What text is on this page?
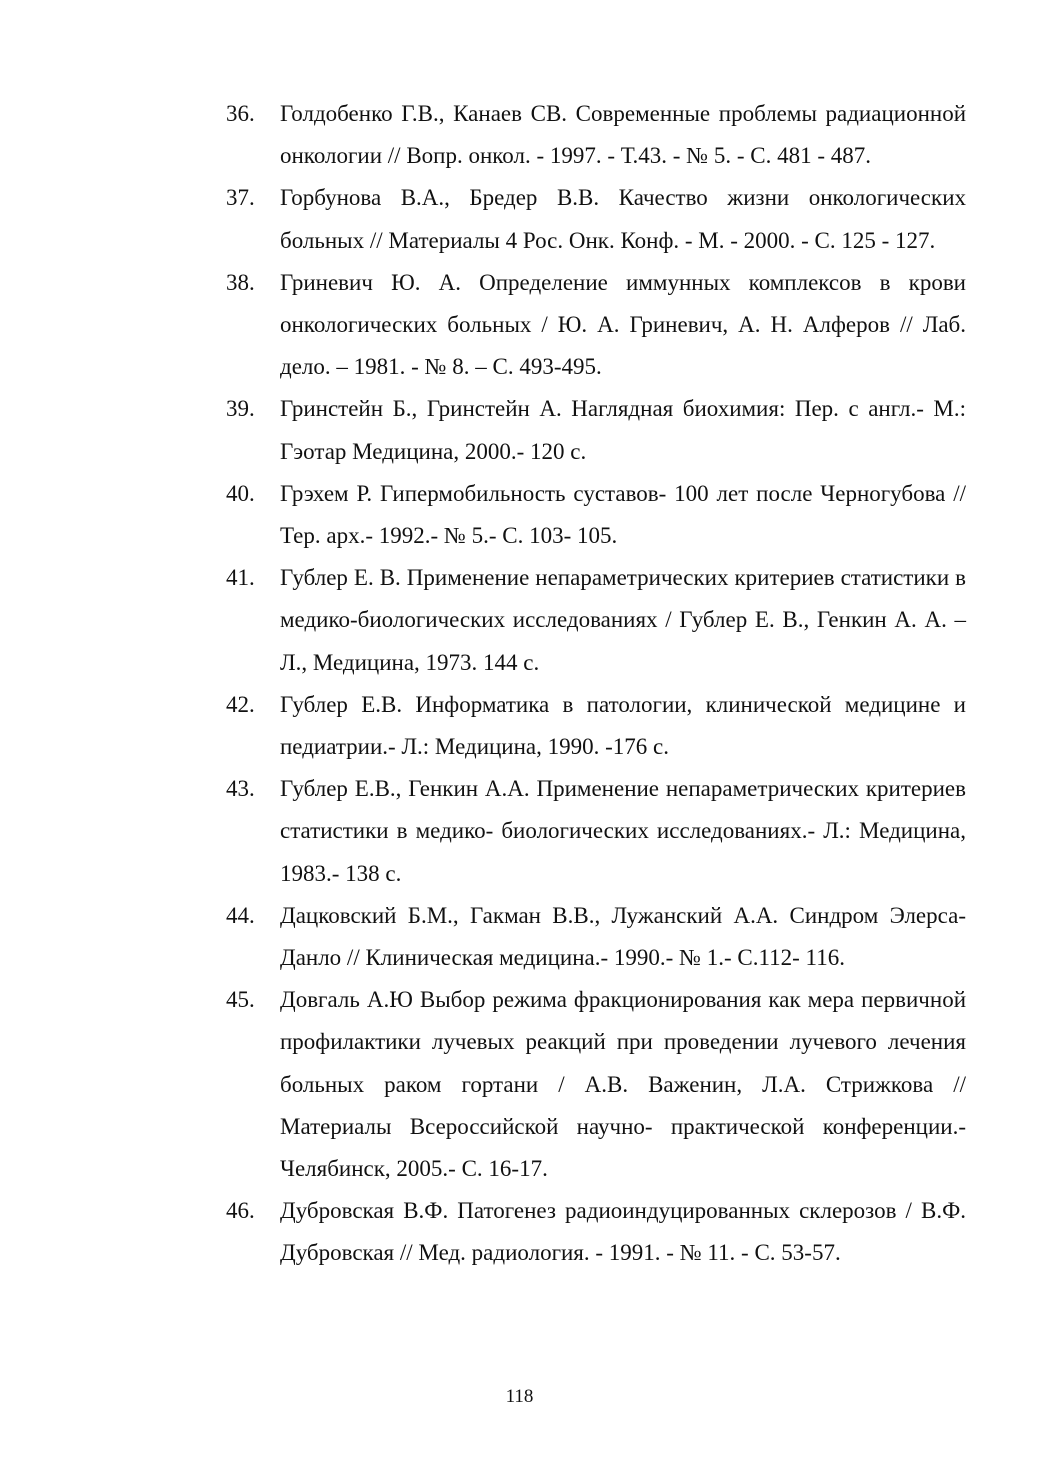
36. Голдобенко Г.В., Канаев СВ. Современные проблемы радиационной онкологии // Вопр. онкол. - 1997. - Т.43. - № 5. - С. 481 - 487.
37. Горбунова В.А., Бредер В.В. Качество жизни онкологических больных // Материалы 4 Рос. Онк. Конф. - М. - 2000. - С. 125 - 127.
38. Гриневич Ю. А. Определение иммунных комплексов в крови онкологических больных / Ю. А. Гриневич, А. Н. Алферов // Лаб. дело. – 1981. - № 8. – С. 493-495.
39. Гринстейн Б., Гринстейн А. Наглядная биохимия: Пер. с англ.- М.: Гэотар Медицина, 2000.- 120 с.
40. Грэхем Р. Гипермобильность суставов- 100 лет после Черногубова // Тер. арх.- 1992.- № 5.- С. 103- 105.
41. Гублер Е. В. Применение непараметрических критериев статистики в медико-биологических исследованиях / Гублер Е. В., Генкин А. А. – Л., Медицина, 1973. 144 с.
42. Гублер Е.В. Информатика в патологии, клинической медицине и педиатрии.- Л.: Медицина, 1990. -176 с.
43. Гублер Е.В., Генкин А.А. Применение непараметрических критериев статистики в медико- биологических исследованиях.- Л.: Медицина, 1983.- 138 с.
44. Дацковский Б.М., Гакман В.В., Лужанский А.А. Синдром Элерса-Данло // Клиническая медицина.- 1990.- № 1.- С.112- 116.
45. Довгаль А.Ю Выбор режима фракционирования как мера первичной профилактики лучевых реакций при проведении лучевого лечения больных раком гортани / А.В. Важенин, Л.А. Стрижкова // Материалы Всероссийской научно- практической конференции.- Челябинск, 2005.- С. 16-17.
46. Дубровская В.Ф. Патогенез радиоиндуцированных склерозов / В.Ф. Дубровская // Мед. радиология. - 1991. - № 11. - С. 53-57.
118
